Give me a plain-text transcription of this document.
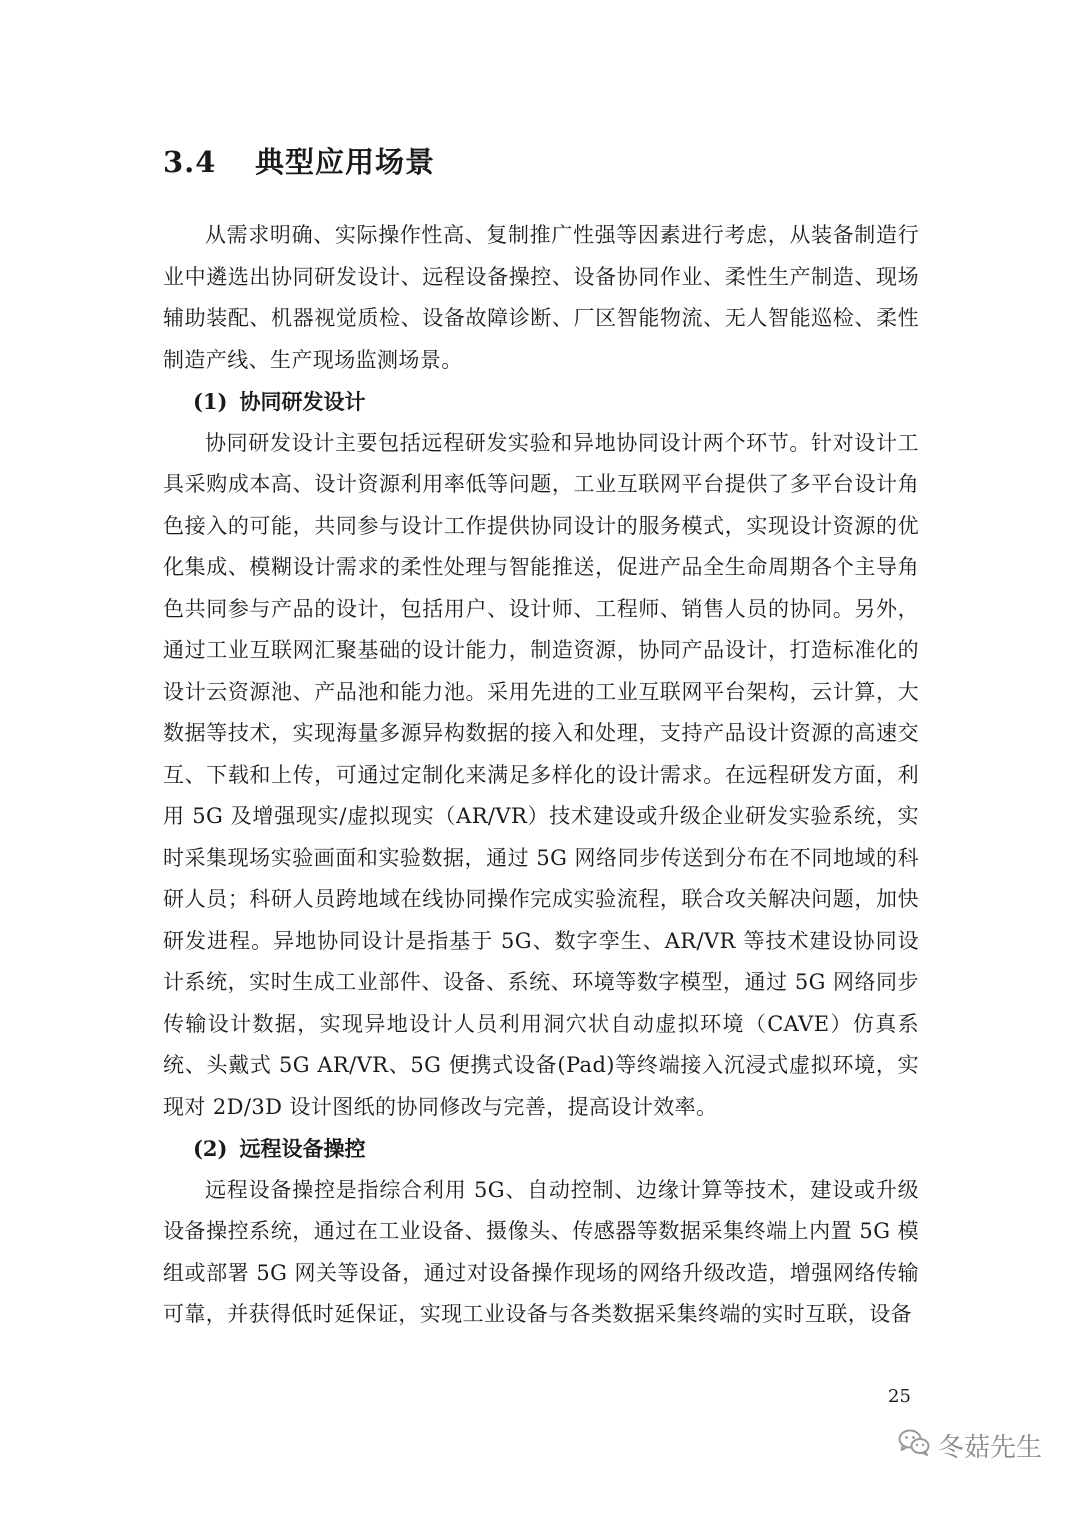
3.4 典型应用场景

从需求明确、实际操作性高、复制推广性强等因素进行考虑，从装备制造行业中遴选出协同研发设计、远程设备操控、设备协同作业、柔性生产制造、现场辅助装配、机器视觉质检、设备故障诊断、厂区智能物流、无人智能巡检、柔性制造产线、生产现场监测场景。

(1) 协同研发设计

协同研发设计主要包括远程研发实验和异地协同设计两个环节。针对设计工具采购成本高、设计资源利用率低等问题，工业互联网平台提供了多平台设计角色接入的可能，共同参与设计工作提供协同设计的服务模式，实现设计资源的优化集成、模糊设计需求的柔性处理与智能推送，促进产品全生命周期各个主导角色共同参与产品的设计，包括用户、设计师、工程师、销售人员的协同。另外，通过工业互联网汇聚基础的设计能力，制造资源，协同产品设计，打造标准化的设计云资源池、产品池和能力池。采用先进的工业互联网平台架构，云计算，大数据等技术，实现海量多源异构数据的接入和处理，支持产品设计资源的高速交互、下载和上传，可通过定制化来满足多样化的设计需求。在远程研发方面，利用 5G 及增强现实/虚拟现实（AR/VR）技术建设或升级企业研发实验系统，实时采集现场实验画面和实验数据，通过 5G 网络同步传送到分布在不同地域的科研人员；科研人员跨地域在线协同操作完成实验流程，联合攻关解决问题，加快研发进程。异地协同设计是指基于 5G、数字孪生、AR/VR 等技术建设协同设计系统，实时生成工业部件、设备、系统、环境等数字模型，通过 5G 网络同步传输设计数据，实现异地设计人员利用洞穴状自动虚拟环境（CAVE）仿真系统、头戴式 5G AR/VR、5G 便携式设备(Pad)等终端接入沉浸式虚拟环境，实现对 2D/3D 设计图纸的协同修改与完善，提高设计效率。

(2) 远程设备操控

远程设备操控是指综合利用 5G、自动控制、边缘计算等技术，建设或升级设备操控系统，通过在工业设备、摄像头、传感器等数据采集终端上内置 5G 模组或部署 5G 网关等设备，通过对设备操作现场的网络升级改造，增强网络传输可靠，并获得低时延保证，实现工业设备与各类数据采集终端的实时互联，设备

25
冬菇先生
